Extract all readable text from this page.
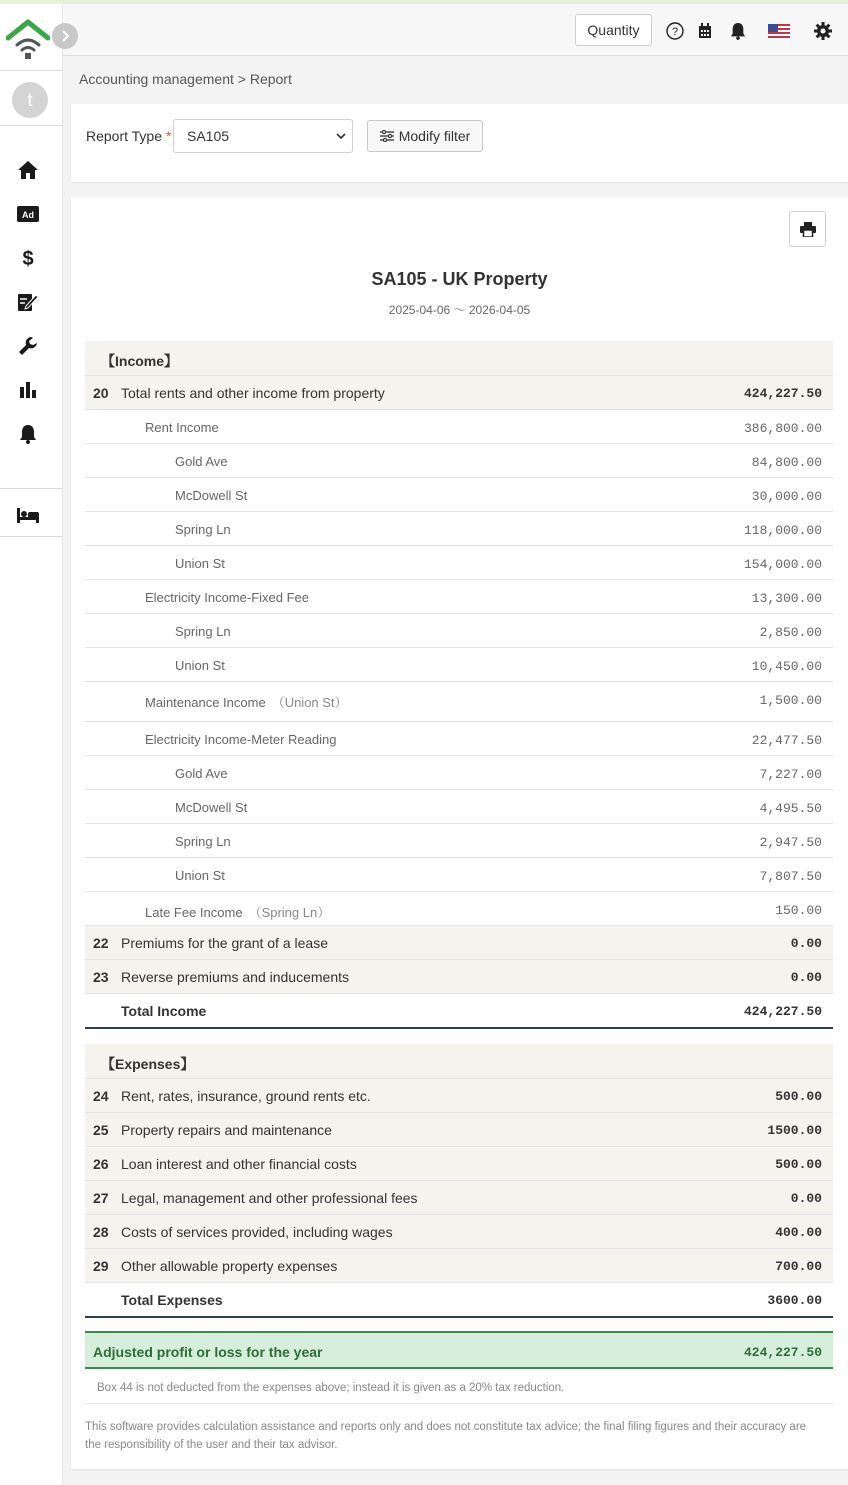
t
Ad
$
Quantity	?
Accounting management > Report
Report Type * SA105	Modify filter
SA105 - UK Property
2025-04-06 〜 2026-04-05
【Income】
20 Total rents and other income from property	424,227.50
Rent Income	386,800.00
Gold Ave	84,800.00
McDowell St	30,000.00
Spring Ln	118,000.00
Union St	154,000.00
Electricity Income-Fixed Fee	13,300.00
Spring Ln	2,850.00
Union St	10,450.00
Maintenance Income （Union St）	1,500.00
Electricity Income-Meter Reading	22,477.50
Gold Ave	7,227.00
McDowell St	4,495.50
Spring Ln	2,947.50
Union St	7,807.50
Late Fee Income （Spring Ln）	150.00
22 Premiums for the grant of a lease	0.00
23 Reverse premiums and inducements	0.00
Total Income	424,227.50
【Expenses】
24 Rent, rates, insurance, ground rents etc.	500.00
25 Property repairs and maintenance	1500.00
26 Loan interest and other financial costs	500.00
27 Legal, management and other professional fees	0.00
28 Costs of services provided, including wages	400.00
29 Other allowable property expenses	700.00
Total Expenses	3600.00
Adjusted profit or loss for the year	424,227.50
Box 44 is not deducted from the expenses above; instead it is given as a 20% tax reduction.
This software provides calculation assistance and reports only and does not constitute tax advice; the final filing figures and their accuracy are the responsibility of the user and their tax advisor.
